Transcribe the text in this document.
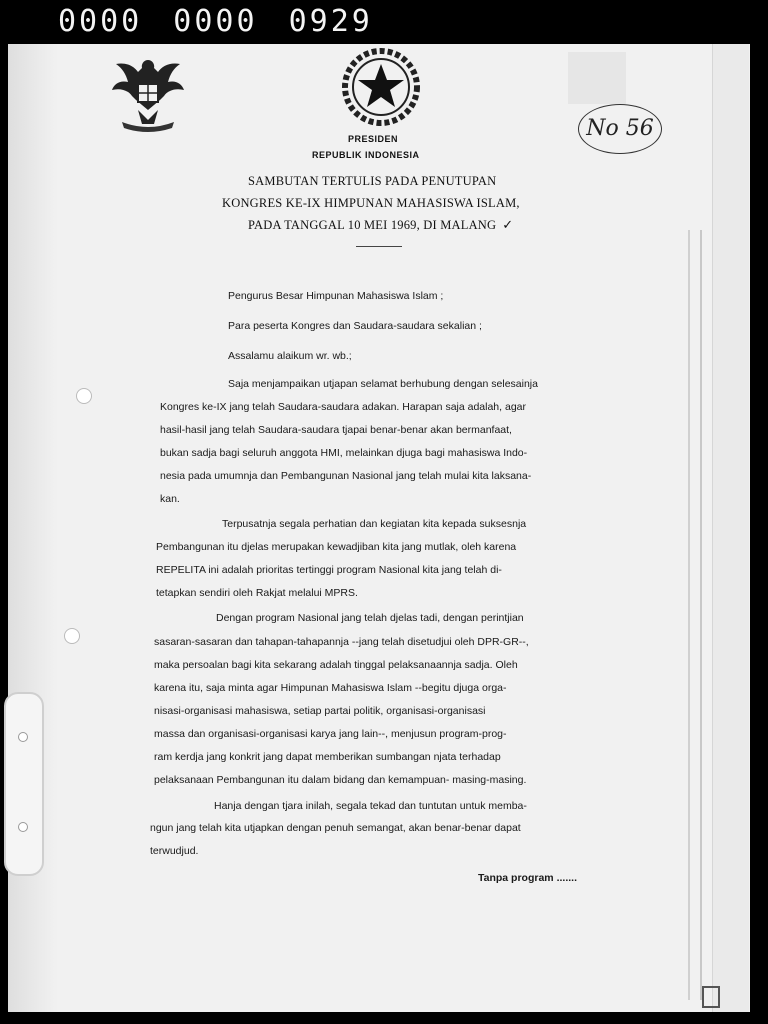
0000 0000 0929
No 56
PRESIDEN
REPUBLIK INDONESIA
SAMBUTAN TERTULIS PADA PENUTUPAN
KONGRES KE-IX HIMPUNAN MAHASISWA ISLAM,
PADA TANGGAL 10 MEI 1969, DI MALANG ✓
Pengurus Besar Himpunan Mahasiswa Islam ;
Para peserta Kongres dan Saudara-saudara sekalian ;
Assalamu alaikum wr. wb.;
Saja menjampaikan utjapan selamat berhubung dengan selesainja
Kongres ke-IX jang telah Saudara-saudara adakan. Harapan saja adalah, agar
hasil-hasil jang telah Saudara-saudara tjapai benar-benar akan bermanfaat,
bukan sadja bagi seluruh anggota HMI, melainkan djuga bagi mahasiswa Indo-
nesia pada umumnja dan Pembangunan Nasional jang telah mulai kita laksana-
kan.
Terpusatnja segala perhatian dan kegiatan kita kepada suksesnja
Pembangunan itu djelas merupakan kewadjiban kita jang mutlak, oleh karena
REPELITA ini adalah prioritas tertinggi program Nasional kita jang telah di-
tetapkan sendiri oleh Rakjat melalui MPRS.
Dengan program Nasional jang telah djelas tadi, dengan perintjian
sasaran-sasaran dan tahapan-tahapannja --jang telah disetudjui oleh DPR-GR--,
maka persoalan bagi kita sekarang adalah tinggal pelaksanaannja sadja. Oleh
karena itu, saja minta agar Himpunan Mahasiswa Islam --begitu djuga orga-
nisasi-organisasi mahasiswa, setiap partai politik, organisasi-organisasi
massa dan organisasi-organisasi karya jang lain--, menjusun program-prog-
ram kerdja jang konkrit jang dapat memberikan sumbangan njata terhadap
pelaksanaan Pembangunan itu dalam bidang dan kemampuan- masing-masing.
Hanja dengan tjara inilah, segala tekad dan tuntutan untuk memba-
ngun jang telah kita utjapkan dengan penuh semangat, akan benar-benar dapat
terwudjud.
Tanpa program .......
